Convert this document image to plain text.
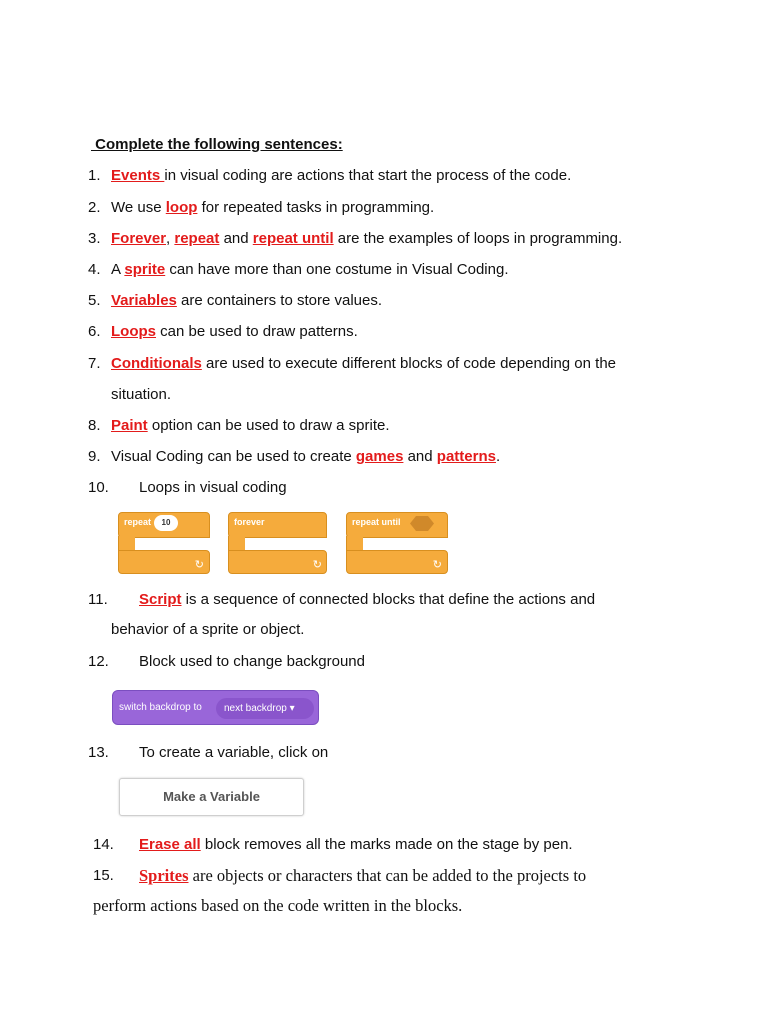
Complete the following sentences:
1. Events in visual coding are actions that start the process of the code.
2. We use loop for repeated tasks in programming.
3. Forever, repeat and repeat until are the examples of loops in programming.
4. A sprite can have more than one costume in Visual Coding.
5. Variables are containers to store values.
6. Loops can be used to draw patterns.
7. Conditionals are used to execute different blocks of code depending on the
situation.
8. Paint option can be used to draw a sprite.
9. Visual Coding can be used to create games and patterns.
10. Loops in visual coding
11. Script is a sequence of connected blocks that define the actions and
behavior of a sprite or object.
12. Block used to change background
13. To create a variable, click on
14. Erase all block removes all the marks made on the stage by pen.
15. Sprites are objects or characters that can be added to the projects to
perform actions based on the code written in the blocks.
repeat	10
↻
forever
↻
repeat until
↻
switch backdrop to	next backdrop ▾
Make a Variable
